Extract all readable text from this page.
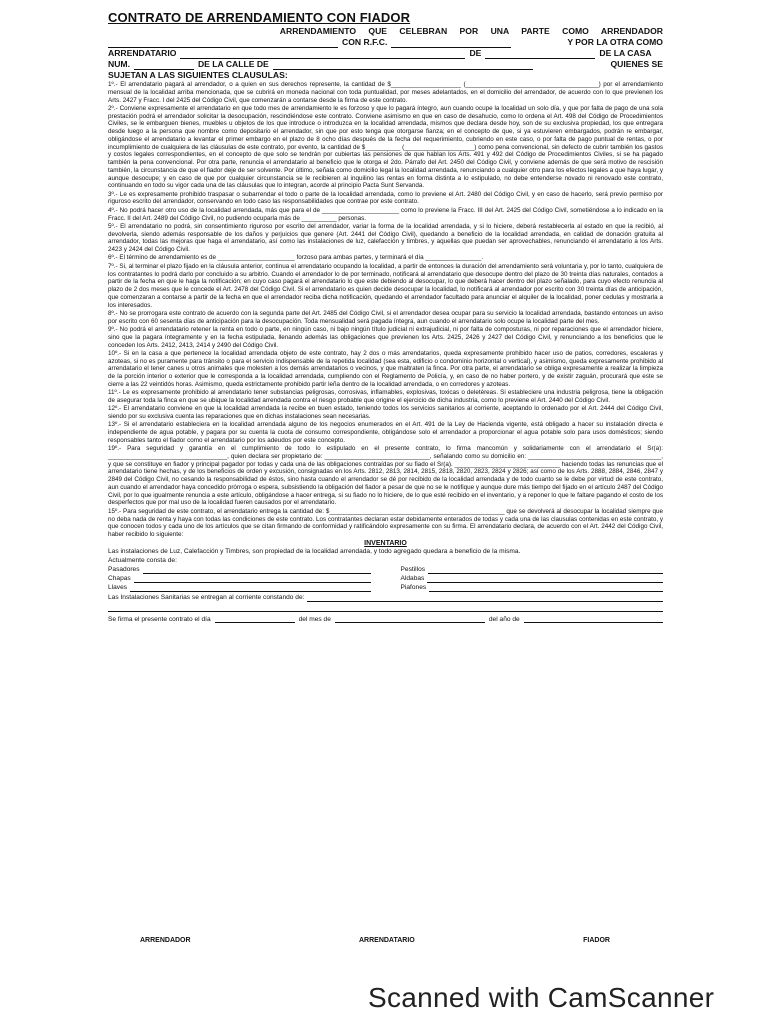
CONTRATO DE ARRENDAMIENTO CON FIADOR
ARRENDAMIENTO QUE CELEBRAN POR UNA PARTE COMO ARRENDADOR
CON R.F.C.	Y POR LA OTRA COMO
ARRENDATARIO	DE	DE LA CASA
NUM.	DE LA CALLE DE	QUIENES SE
SUJETAN A LAS SIGUIENTES CLAUSULAS:

1º.- El arrendatario pagará al arrendador, o a quien en sus derechos represente, la cantidad de $____________________ (______________________________________) por el arrendamiento mensual de la localidad arriba mencionada, que se cubrirá en moneda nacional con toda puntualidad, por meses adelantados, en el domicilio del arrendador, de acuerdo con lo que previenen los Arts. 2427 y Fracc. I del 2425 del Código Civil, que comenzarán a contarse desde la firma de este contrato.

2º.- Conviene expresamente el arrendatario en que todo mes de arrendamiento le es forzoso y que lo pagará íntegro, aun cuando ocupe la localidad un solo día, y que por falta de pago de una sola prestación podrá el arrendador solicitar la desocupación, rescindiéndose este contrato. Conviene asimismo en que en caso de desahucio, como lo ordena el Art. 498 del Código de Procedimientos Civiles, se le embarguen bienes, muebles u objetos de los que introduce o introduzca en la localidad arrendada, mismos que declara desde hoy, son de su exclusiva propiedad, los que entregara desde luego a la persona que nombre como depositario el arrendador, sin que por esto tenga que otorgarse fianza; en el concepto de que, si ya estuvieren embargados, podrán re embargar, obligándose el arrendatario a levantar el primer embargo en el plazo de 8 ocho días después de la fecha del requerimiento, cubriendo en este caso, o por falta de pago puntual de rentas, o por incumplimiento de cualquiera de las cláusulas de este contrato, por evento, la cantidad de $__________ (____________________) como pena convencional, sin defecto de cubrir también los gastos y costos legales correspondientes, en el concepto de que solo se tendrán por cubiertas las pensiones de que hablan los Arts. 491 y 492 del Código de Procedimientos Civiles, si se ha pagado también la pena convencional. Por otra parte, renuncia el arrendatario al beneficio que le otorga el 2do. Párrafo del Art. 2450 del Código Civil, y conviene además de que será motivo de rescisión también, la circunstancia de que el fiador deje de ser solvente. Por último, señala como domicilio legal la localidad arrendada, renunciando a cualquier otro para los efectos legales a que haya lugar, y aunque desocupe; y en caso de que por cualquier circunstancia se le recibieren al inquilino las rentas en forma distinta a lo estipulado, no debe entenderse novado ni renovado este contrato, continuando en todo su vigor cada una de las cláusulas que lo integran, acorde al principio Pacta Sunt Servanda.

3º.- Le es expresamente prohibido traspasar o subarrendar el todo o parte de la localidad arrendada, como lo previene el Art. 2480 del Código Civil, y en caso de hacerlo, será previo permiso por riguroso escrito del arrendador, conservando en todo caso las responsabilidades que contrae por este contrato.

4º.- No podrá hacer otro uso de la localidad arrendada, más que para el de ______________________ como lo previene la Fracc. III del Art. 2425 del Código Civil, sometiéndose a lo indicado en la Fracc. II del Art. 2489 del Código Civil, no pudiendo ocuparla más de __________ personas.

5º.- El arrendatario no podrá, sin consentimiento riguroso por escrito del arrendador, variar la forma de la localidad arrendada, y si lo hiciere, deberá restablecerla al estado en que la recibió, al devolverla, siendo además responsable de los daños y perjuicios que genere (Art. 2441 del Código Civil), quedando a beneficio de la localidad arrendada, en calidad de donación gratuita al arrendador, todas las mejoras que haga el arrendatario, así como las instalaciones de luz, calefacción y timbres, y aquellas que puedan ser aprovechables, renunciando el arrendatario a los Arts. 2423 y 2424 del Código Civil.

6º.- El término de arrendamiento es de ______________________ forzoso para ambas partes, y terminará el día ________________.

7º.- Si, al terminar el plazo fijado en la cláusula anterior, continua el arrendatario ocupando la localidad, a partir de entonces la duración del arrendamiento será voluntaria y, por lo tanto, cualquiera de los contratantes lo podrá darlo por concluido a su arbitrio. Cuando el arrendador lo de por terminado, notificará al arrendatario que desocupe dentro del plazo de 30 treinta días naturales, contados a partir de la fecha en que le haga la notificación; en cuyo caso pagará el arrendatario lo que este debiendo al desocupar, lo que deberá hacer dentro del plazo señalado, para cuyo efecto renuncia al plazo de 2 dos meses que le concede el Art. 2478 del Código Civil. Si el arrendatario es quien decide desocupar la localidad, lo notificará al arrendador por escrito con 30 treinta días de anticipación, que comenzaran a contarse a partir de la fecha en que el arrendador reciba dicha notificación, quedando el arrendador facultado para anunciar el alquiler de la localidad, poner cedulas y mostrarla a los interesados.

8º.- No se prorrogara este contrato de acuerdo con la segunda parte del Art. 2485 del Código Civil, si el arrendador desea ocupar para su servicio la localidad arrendada, bastando entonces un aviso por escrito con 60 sesenta días de anticipación para la desocupación. Toda mensualidad será pagada íntegra, aun cuando el arrendatario solo ocupe la localidad parte del mes.

9º.- No podrá el arrendatario retener la renta en todo o parte, en ningún caso, ni bajo ningún título judicial ni extrajudicial, ni por falta de composturas, ni por reparaciones que el arrendador hiciere, sino que la pagara íntegramente y en la fecha estipulada, llenando además las obligaciones que previenen los Arts. 2425, 2426 y 2427 del Código Civil, y renunciando a los beneficios que le conceden los Arts. 2412, 2413, 2414 y 2490 del Código Civil.

10º.- Si en la casa a que pertenece la localidad arrendada objeto de este contrato, hay 2 dos o más arrendatarios, queda expresamente prohibido hacer uso de patios, corredores, escaleras y azoteas, si no es puramente para tránsito o para el servicio indispensable de la repetida localidad (sea esta, edificio o condominio horizontal o vertical), y asimismo, queda expresamente prohibido al arrendatario el tener canes u otros animales que molesten a los demás arrendatarios o vecinos, y que maltraten la finca. Por otra parte, el arrendatario se obliga expresamente a realizar la limpieza de la porción interior o exterior que le corresponda a la localidad arrendada, cumpliendo con el Reglamento de Policía, y, en caso de no haber portero, y de existir zaguán, procurará que este se cierre a las 22 veintidós horas. Asimismo, queda estrictamente prohibido partir leña dentro de la localidad arrendada, o en corredores y azoteas.

11º.- Le es expresamente prohibido al arrendatario tener substancias peligrosas, corrosivas, inflamables, explosivas, toxicas o deletéreas. Si estableciere una industria peligrosa, tiene la obligación de asegurar toda la finca en que se ubique la localidad arrendada contra el riesgo probable que origine el ejercicio de dicha industria, como lo previene el Art. 2440 del Código Civil.

12º.- El arrendatario conviene en que la localidad arrendada la recibe en buen estado, teniendo todos los servicios sanitarios al corriente, aceptando lo ordenado por el Art. 2444 del Código Civil, siendo por su exclusiva cuenta las reparaciones que en dichas instalaciones sean necesarias.

13º.- Si el arrendatario estableciera en la localidad arrendada alguno de los negocios enumerados en el Art. 491 de la Ley de Hacienda vigente, está obligado a hacer su instalación directa e independiente de agua potable, y pagara por su cuenta la cuota de consumo correspondiente, obligándose solo el arrendador a proporcionar el agua potable solo para usos domésticos; siendo responsables tanto el fiador como el arrendatario por los adeudos por este concepto.

19º.- Para seguridad y garantía en el cumplimiento de todo lo estipulado en el presente contrato, lo firma mancomún y solidariamente con el arrendatario el Sr(a): __________________________________, quien declara ser propietario de: ______________________________, señalando como su domicilio en: ______________________________________, y que se constituye en fiador y principal pagador por todas y cada una de las obligaciones contraídas por su fiado el Sr(a). ______________________________ haciendo todas las renuncias que el arrendatario tiene hechas, y de los beneficios de orden y excusión, consignadas en los Arts. 2812, 2813, 2814, 2815, 2818, 2820, 2823, 2824 y 2826; así como de los Arts. 2888, 2884, 2846, 2847 y 2849 del Código Civil, no cesando la responsabilidad de éstos, sino hasta cuando el arrendador se dé por recibido de la localidad arrendada y de todo cuanto se le debe por virtud de este contrato, aun cuando el arrendador haya concedido prórroga o espera, subsistiendo la obligación del fiador a pesar de que no se le notifique y aunque dure más tiempo del fijado en el artículo 2487 del Código Civil, por lo que igualmente renuncia a este artículo, obligándose a hacer entrega, si su fiado no lo hiciere, de lo que esté recibido en el inventario, y a reponer lo que le faltare pagando el costo de los desperfectos que por mal uso de la localidad fueren causados por el arrendatario.

15º.- Para seguridad de este contrato, el arrendatario entrega la cantidad de: $__________________________________________________ que se devolverá al desocupar la localidad siempre que no deba nada de renta y haya con todas las condiciones de este contrato. Los contratantes declaran estar debidamente enterados de todas y cada una de las clausulas contenidas en este contrato, y que conocen todos y cada uno de los artículos que se citan firmando de conformidad y ratificándolo expresamente con su firma. El arrendatario declara, de acuerdo con el Art. 2442 del Código Civil, haber recibido lo siguiente:

INVENTARIO
Las instalaciones de Luz, Calefacción y Timbres, son propiedad de la localidad arrendada, y todo agregado quedara a beneficio de la misma.
Actualmente consta de:
Pasadores
Chapas
Llaves
Pestillos
Aldabas
Piafones
Las Instalaciones Sanitarias se entregan al corriente constando de:
Se firma el presente contrato el día	del mes de	del año de
ARRENDADOR	ARRENDATARIO	FIADOR
Scanned with CamScanner
